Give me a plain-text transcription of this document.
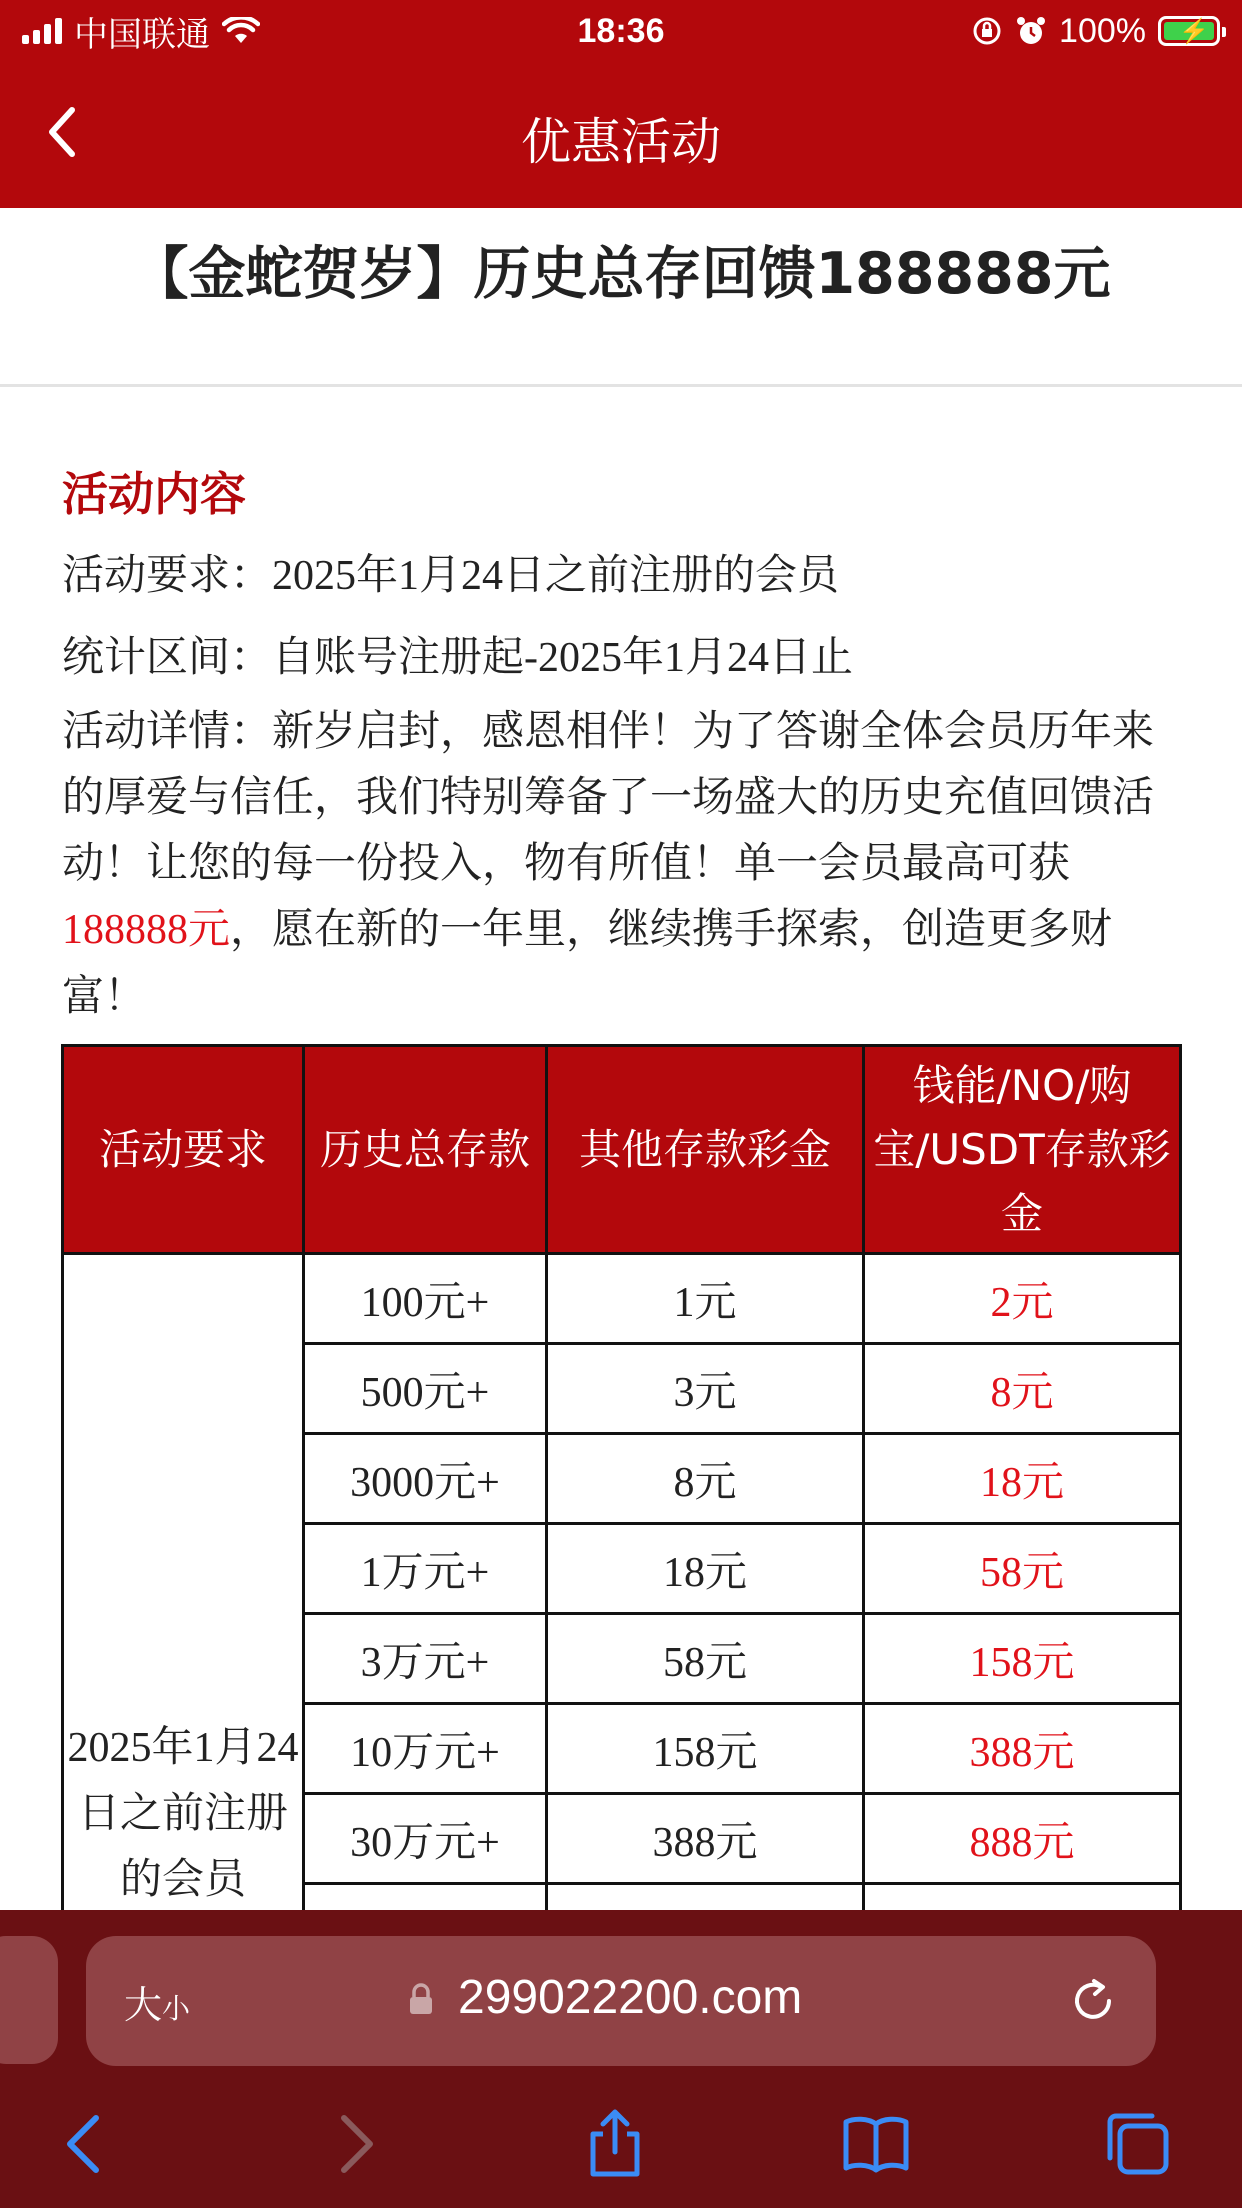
中国联通	18:36	100% ⚡
优惠活动
【金蛇贺岁】历史总存回馈188888元
活动内容
活动要求：2025年1月24日之前注册的会员
统计区间：自账号注册起-2025年1月24日止
活动详情：新岁启封，感恩相伴！为了答谢全体会员历年来的厚爱与信任，我们特别筹备了一场盛大的历史充值回馈活动！让您的每一份投入，物有所值！单一会员最高可获188888元，愿在新的一年里，继续携手探索，创造更多财富！
活动要求	历史总存款	其他存款彩金	钱能/NO/购宝/USDT存款彩金
2025年1月24日之前注册的会员	100元+	1元	2元
	500元+	3元	8元
	3000元+	8元	18元
	1万元+	18元	58元
	3万元+	58元	158元
	10万元+	158元	388元
	30万元+	388元	888元

大小	299022200.com
